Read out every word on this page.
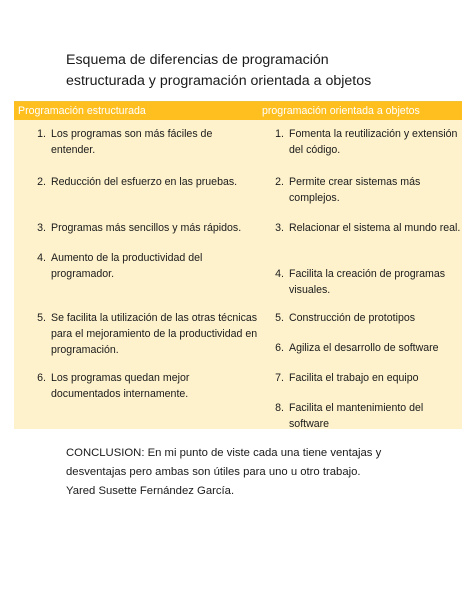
Esquema de diferencias de programación
estructurada y programación orientada a objetos
Programación estructurada	programación orientada a objetos
1. Los programas son más fáciles de entender.
2. Reducción del esfuerzo en las pruebas.
3. Programas más sencillos y más rápidos.
4. Aumento de la productividad del programador.
5. Se facilita la utilización de las otras técnicas para el mejoramiento de la productividad en programación.
6. Los programas quedan mejor documentados internamente.
1. Fomenta la reutilización y extensión del código.
2. Permite crear sistemas más complejos.
3. Relacionar el sistema al mundo real.
4. Facilita la creación de programas visuales.
5. Construcción de prototipos
6. Agiliza el desarrollo de software
7. Facilita el trabajo en equipo
8. Facilita el mantenimiento del software
CONCLUSION: En mi punto de viste cada una tiene ventajas y
desventajas pero ambas son útiles para uno u otro trabajo.
Yared Susette Fernández García.
